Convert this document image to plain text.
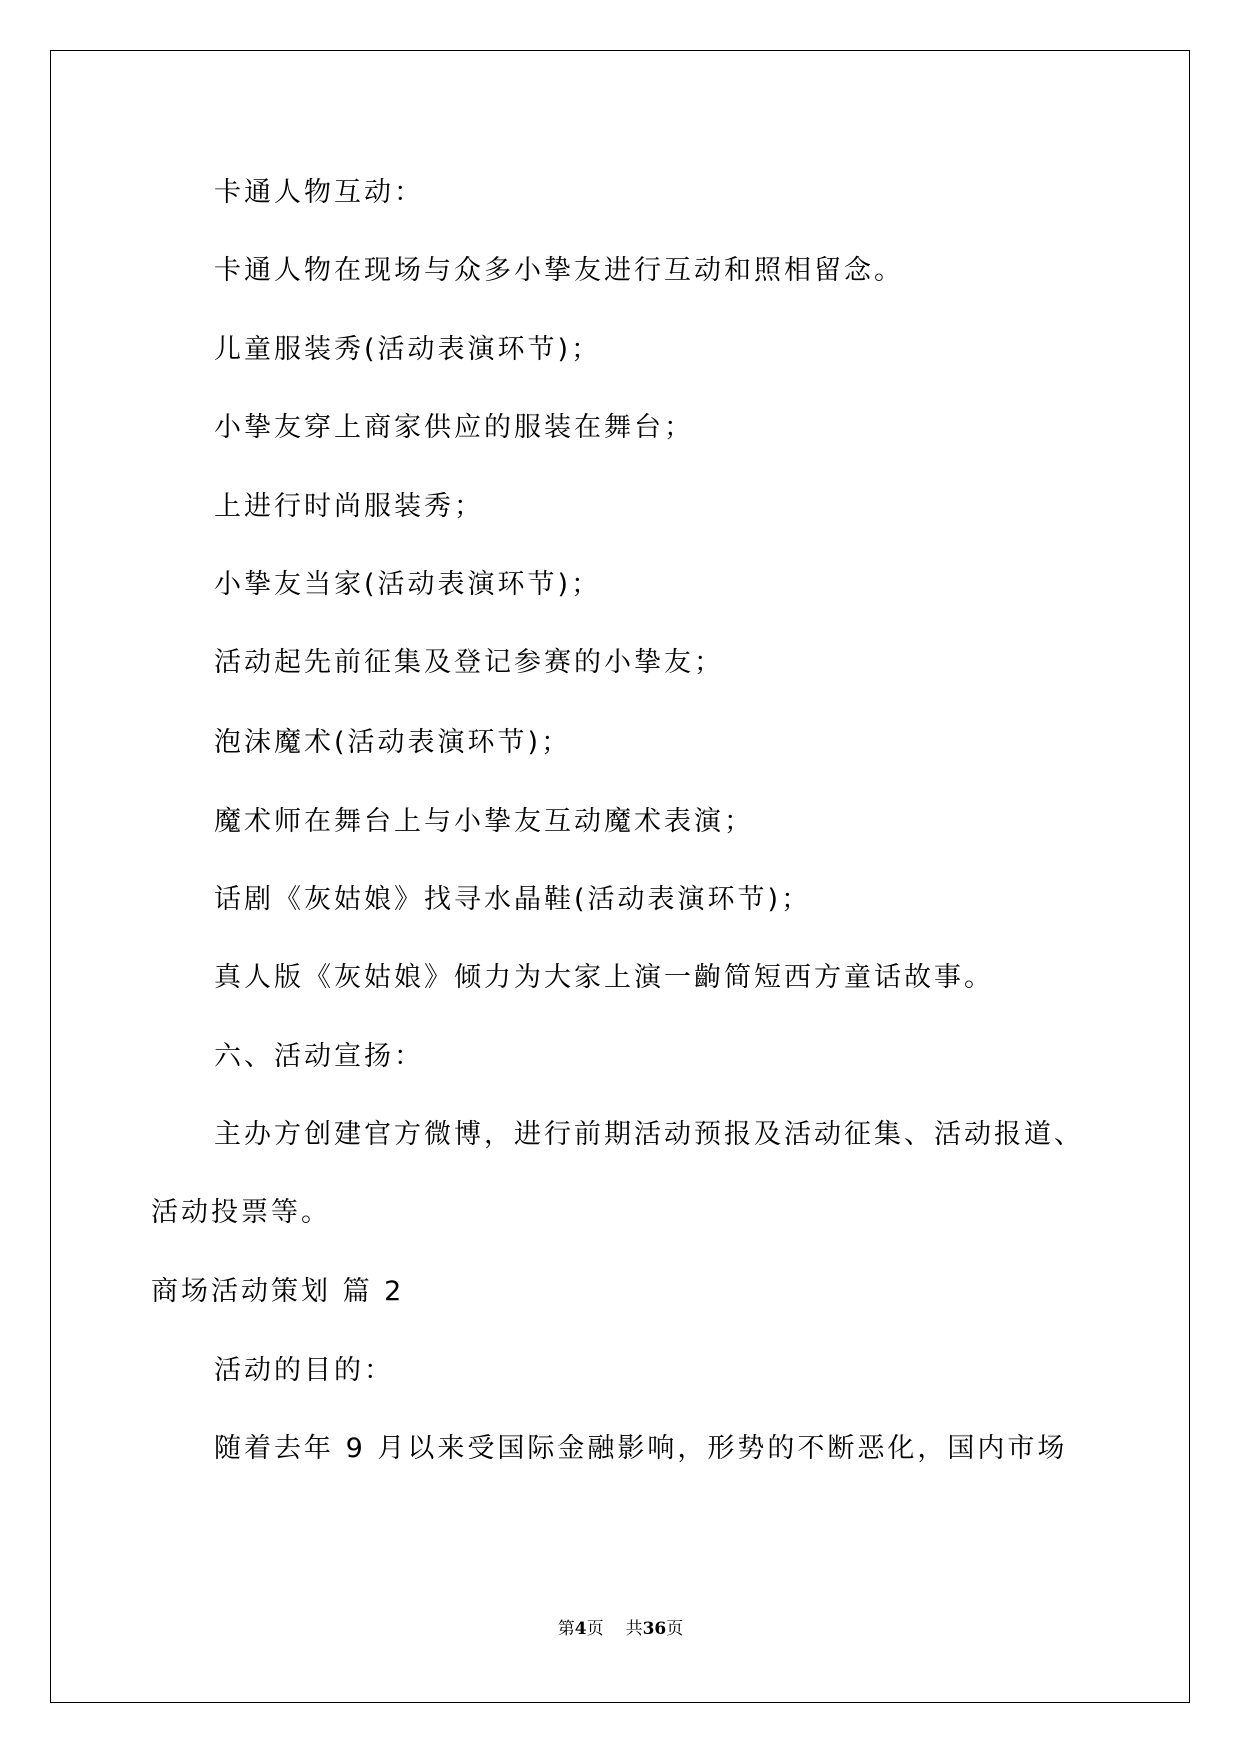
卡通人物互动：
卡通人物在现场与众多小挚友进行互动和照相留念。
儿童服装秀(活动表演环节)；
小挚友穿上商家供应的服装在舞台；
上进行时尚服装秀；
小挚友当家(活动表演环节)；
活动起先前征集及登记参赛的小挚友；
泡沫魔术(活动表演环节)；
魔术师在舞台上与小挚友互动魔术表演；
话剧《灰姑娘》找寻水晶鞋(活动表演环节)；
真人版《灰姑娘》倾力为大家上演一齣简短西方童话故事。
六、活动宣扬：
主办方创建官方微博，进行前期活动预报及活动征集、活动报道、
活动投票等。
商场活动策划 篇 2
活动的目的：
随着去年 9 月以来受国际金融影响，形势的不断恶化，国内市场
第4页 共36页
